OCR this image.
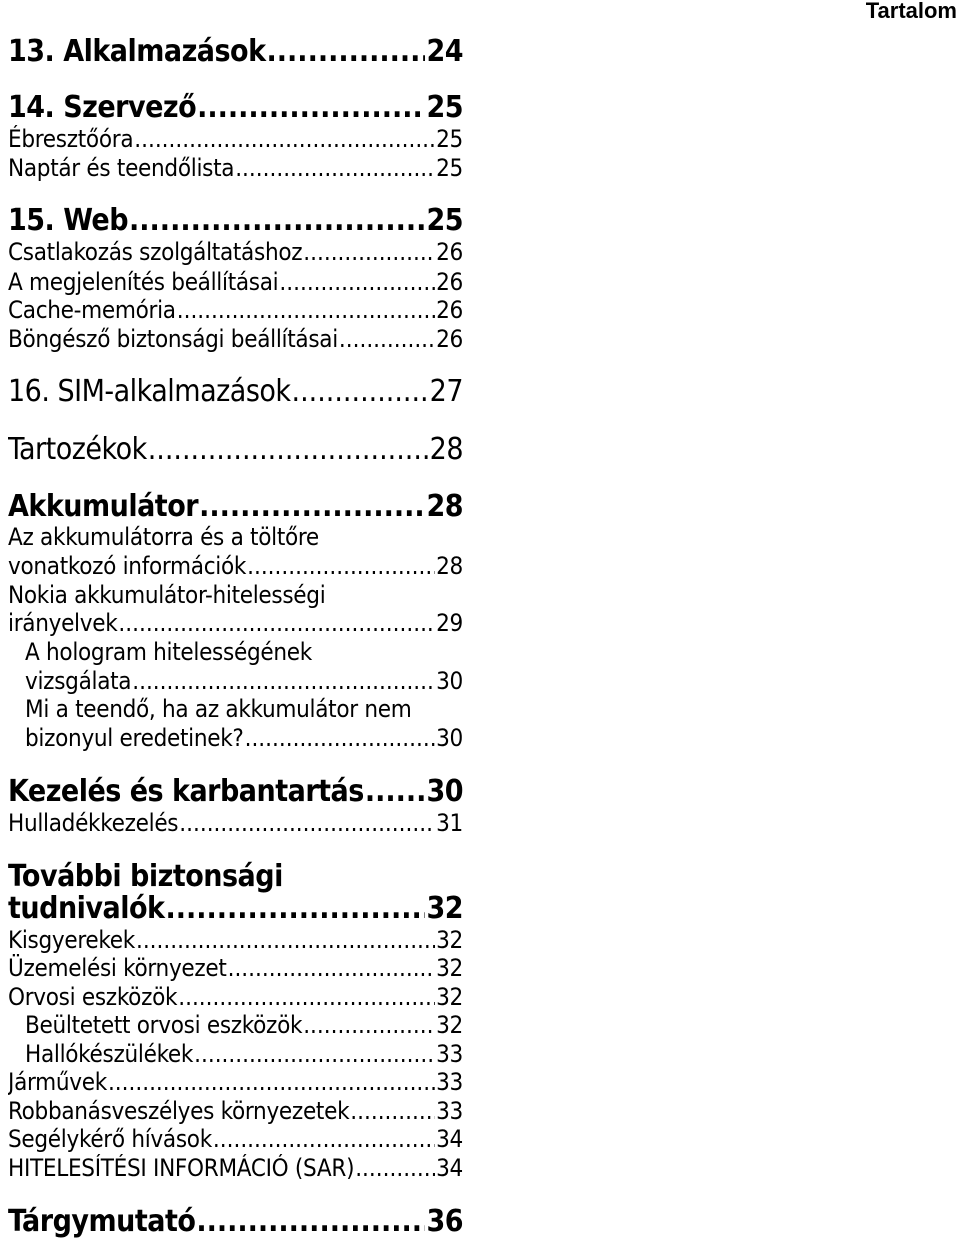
Tartalom
13. Alkalmazások .....	24
14. Szervező .....	25
Ébresztőóra .....	25
Naptár és teendőlista .....	25
15. Web .....	25
Csatlakozás szolgáltatáshoz .....	26
A megjelenítés beállításai .....	26
Cache-memória .....	26
Böngésző biztonsági beállításai .....	26
16. SIM-alkalmazások .....	27
Tartozékok .....	28
Akkumulátor .....	28
Az akkumulátorra és a töltőre
vonatkozó információk .....	28
Nokia akkumulátor-hitelességi
irányelvek .....	29
A hologram hitelességének
vizsgálata .....	30
Mi a teendő, ha az akkumulátor nem
bizonyul eredetinek? .....	30
Kezelés és karbantartás ..... 30
Hulladékkezelés .....	31
További biztonsági
tudnivalók .....	32
Kisgyerekek .....	32
Üzemelési környezet .....	32
Orvosi eszközök .....	32
Beültetett orvosi eszközök .....	32
Hallókészülékek .....	33
Járművek .....	33
Robbanásveszélyes környezetek .....	33
Segélykérő hívások .....	34
HITELESÍTÉSI INFORMÁCIÓ (SAR) .....	34
Tárgymutató .....	36
